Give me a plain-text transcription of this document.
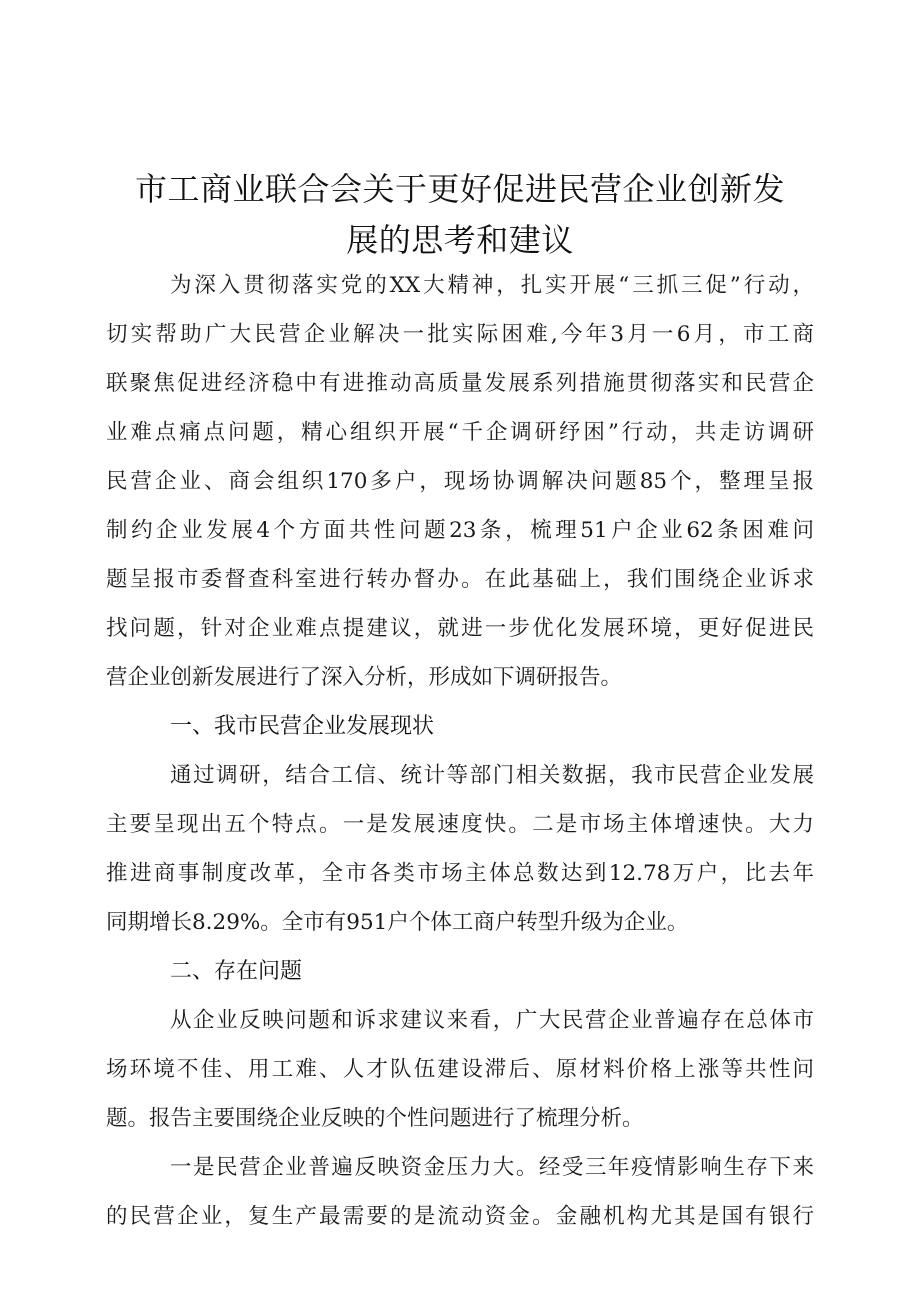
市工商业联合会关于更好促进民营企业创新发
展的思考和建议
为深入贯彻落实党的XX大精神，扎实开展“三抓三促”行动，
切实帮助广大民营企业解决一批实际困难,今年3月一6月，市工商
联聚焦促进经济稳中有进推动高质量发展系列措施贯彻落实和民营企
业难点痛点问题，精心组织开展“千企调研纾困”行动，共走访调研
民营企业、商会组织170多户，现场协调解决问题85个，整理呈报
制约企业发展4个方面共性问题23条，梳理51户企业62条困难问
题呈报市委督查科室进行转办督办。在此基础上，我们围绕企业诉求
找问题，针对企业难点提建议，就进一步优化发展环境，更好促进民
营企业创新发展进行了深入分析，形成如下调研报告。
一、我市民营企业发展现状
通过调研，结合工信、统计等部门相关数据，我市民营企业发展
主要呈现出五个特点。一是发展速度快。二是市场主体增速快。大力
推进商事制度改革，全市各类市场主体总数达到12.78万户，比去年
同期增长8.29%。全市有951户个体工商户转型升级为企业。
二、存在问题
从企业反映问题和诉求建议来看，广大民营企业普遍存在总体市
场环境不佳、用工难、人才队伍建设滞后、原材料价格上涨等共性问
题。报告主要围绕企业反映的个性问题进行了梳理分析。
一是民营企业普遍反映资金压力大。经受三年疫情影响生存下来
的民营企业，复生产最需要的是流动资金。金融机构尤其是国有银行
